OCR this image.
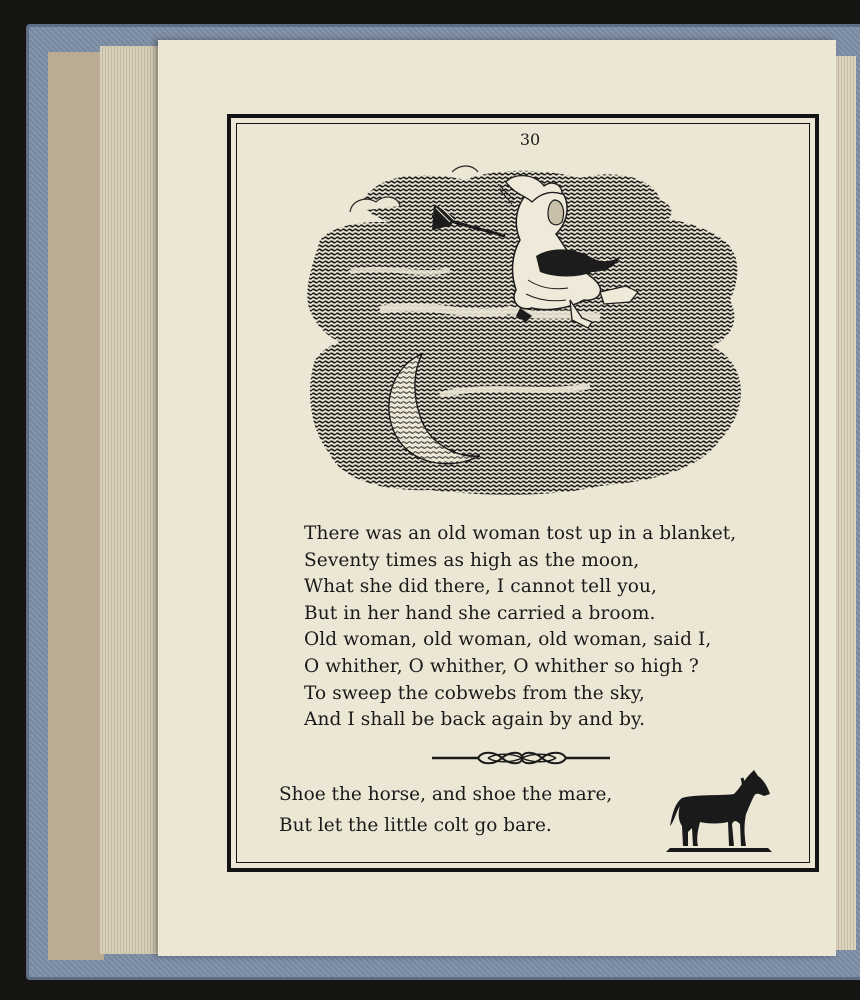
30
There was an old woman tost up in a blanket,
Seventy times as high as the moon,
What she did there, I cannot tell you,
But in her hand she carried a broom.
Old woman, old woman, old woman, said I,
O whither, O whither, O whither so high ?
To sweep the cobwebs from the sky,
And I shall be back again by and by.
Shoe the horse, and shoe the mare,
But let the little colt go bare.
